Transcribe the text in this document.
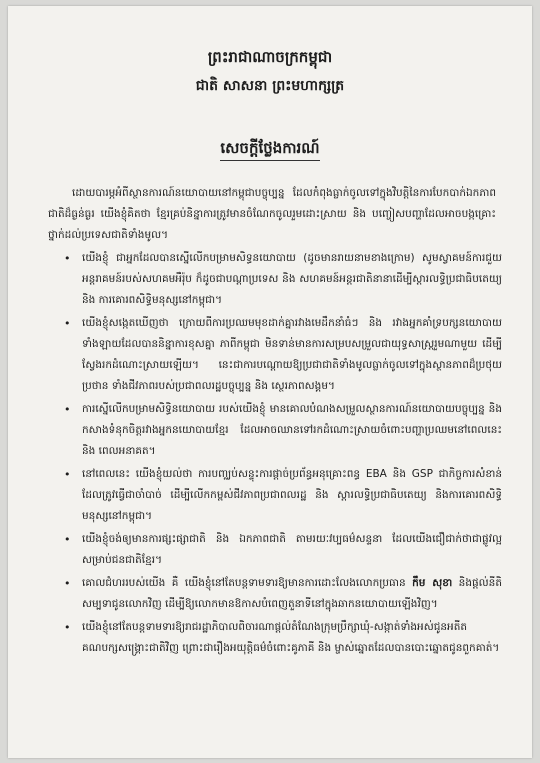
ព្រះរាជាណាចក្រកម្ពុជា
ជាតិ សាសនា ព្រះមហាក្សត្រ
សេចក្តីថ្លែងការណ៍

ដោយបារម្ភអំពីស្ថានការណ៍នយោបាយនៅកម្ពុជាបច្ចុប្បន្ន ដែលកំពុងធ្លាក់ចូលទៅក្នុងវិបត្តិនៃការបែកបាក់ឯកភាពជាតិដ៏ធ្ងន់ធ្ងរ យើងខ្ញុំគិតថា ខ្មែរគ្រប់និន្នាការត្រូវមានចំណែកចូលរួមដោះស្រាយ និង បញ្ចៀសបញ្ហាដែលអាចបង្កគ្រោះថ្នាក់ដល់ប្រទេសជាតិទាំងមូល។

• យើងខ្ញុំ ជាអ្នកដែលបានស្នើលើកបម្រាមសិទ្ធនយោបាយ (ដូចមានរាយនាមខាងក្រោម) សូមស្វាគមន៍ការជួយអន្តរាគមន៍របស់សហគមអឺរ៉ុប ក៏ដូចជាបណ្តាប្រទេស និង សហគមន៍អន្តរជាតិនានាដើម្បីស្តារលទ្ធិប្រជាធិបតេយ្យ និង ការគោរពសិទ្ធិមនុស្សនៅកម្ពុជា។
• យើងខ្ញុំសង្កេតឃើញថា ក្រោយពីការប្រឈមមុខដាក់គ្នារវាងមេដឹកនាំធំៗ និង រវាងអ្នកគាំទ្របក្សនយោបាយទាំងឡាយដែលបាននិន្នាការខុសគ្នា ភាពីកម្ពុជា មិនទាន់មានការសម្របសម្រួលជាយុទ្ធសាស្ត្ររួមណាមួយ ដើម្បីស្វែងរកដំណោះស្រាយឡើយ។ នេះជាការបណ្តោយឱ្យប្រជាជាតិទាំងមូលធ្លាក់ចូលទៅក្នុងស្ថានភាពដ៏ប្រថុយប្រថាន ទាំងជីវភាពរបស់ប្រជាពលរដ្ឋបច្ចុប្បន្ន និង ស្ថេរភាពសង្គម។
• ការស្នើលើកបម្រាមសិទ្ធិនយោបាយ របស់យើងខ្ញុំ មានគោលបំណងសម្រួលស្ថានការណ៍នយោបាយបច្ចុប្បន្ន និងកសាងទំនុកចិត្តរវាងអ្នកនយោបាយខ្មែរ ដែលអាចឈានទៅរកដំណោះស្រាយចំពោះបញ្ហាប្រឈមនៅពេលនេះ និង ពេលអនាគត។
• នៅពេលនេះ យើងខ្ញុំយល់ថា ការបញ្ឈប់សន្ទុះការផ្តាច់ប្រព័ន្ធអនុគ្រោះពន្ធ EBA និង GSP ជាកិច្ចការសំខាន់ដែលត្រូវធ្វើជាចាំបាច់ ដើម្បីលើកកម្ពស់ជីវភាពប្រជាពលរដ្ឋ និង ស្តារលទ្ធិប្រជាធិបតេយ្យ និងការគោរពសិទ្ធិមនុស្សនៅកម្ពុជា។
• យើងខ្ញុំចង់ឲ្យមានការផ្សះផ្សាជាតិ និង ឯកភាពជាតិ តាមរយៈវប្បធម៌សន្ទនា ដែលយើងជឿជាក់ថាជាផ្លូវល្អសម្រាប់ជនជាតិខ្មែរ។
• គោលជំហររបស់យើង គឺ យើងខ្ញុំនៅតែបន្តទាមទារឱ្យមានការដោះលែងលោកប្រធាន កឹម សុខា និងផ្តល់នីតិសម្បទាជូនលោកវិញ ដើម្បីឱ្យលោកមានឱកាសបំពេញតួនាទីនៅក្នុងឆាកនយោបាយឡើងវិញ។
• យើងខ្ញុំនៅតែបន្តទាមទារឱ្យរាជរដ្ឋាភិបាលពិចារណាផ្តល់តំណែងក្រុមប្រឹក្សាឃុំ-សង្កាត់ទាំងអស់ជូនអតីតគណបក្សសង្គ្រោះជាតិវិញ ព្រោះជារឿងអយុត្តិធម៌ចំពោះគូភាគី និង ម្ចាស់ឆ្នោតដែលបានបោះឆ្នោតជូនពួកគាត់។
